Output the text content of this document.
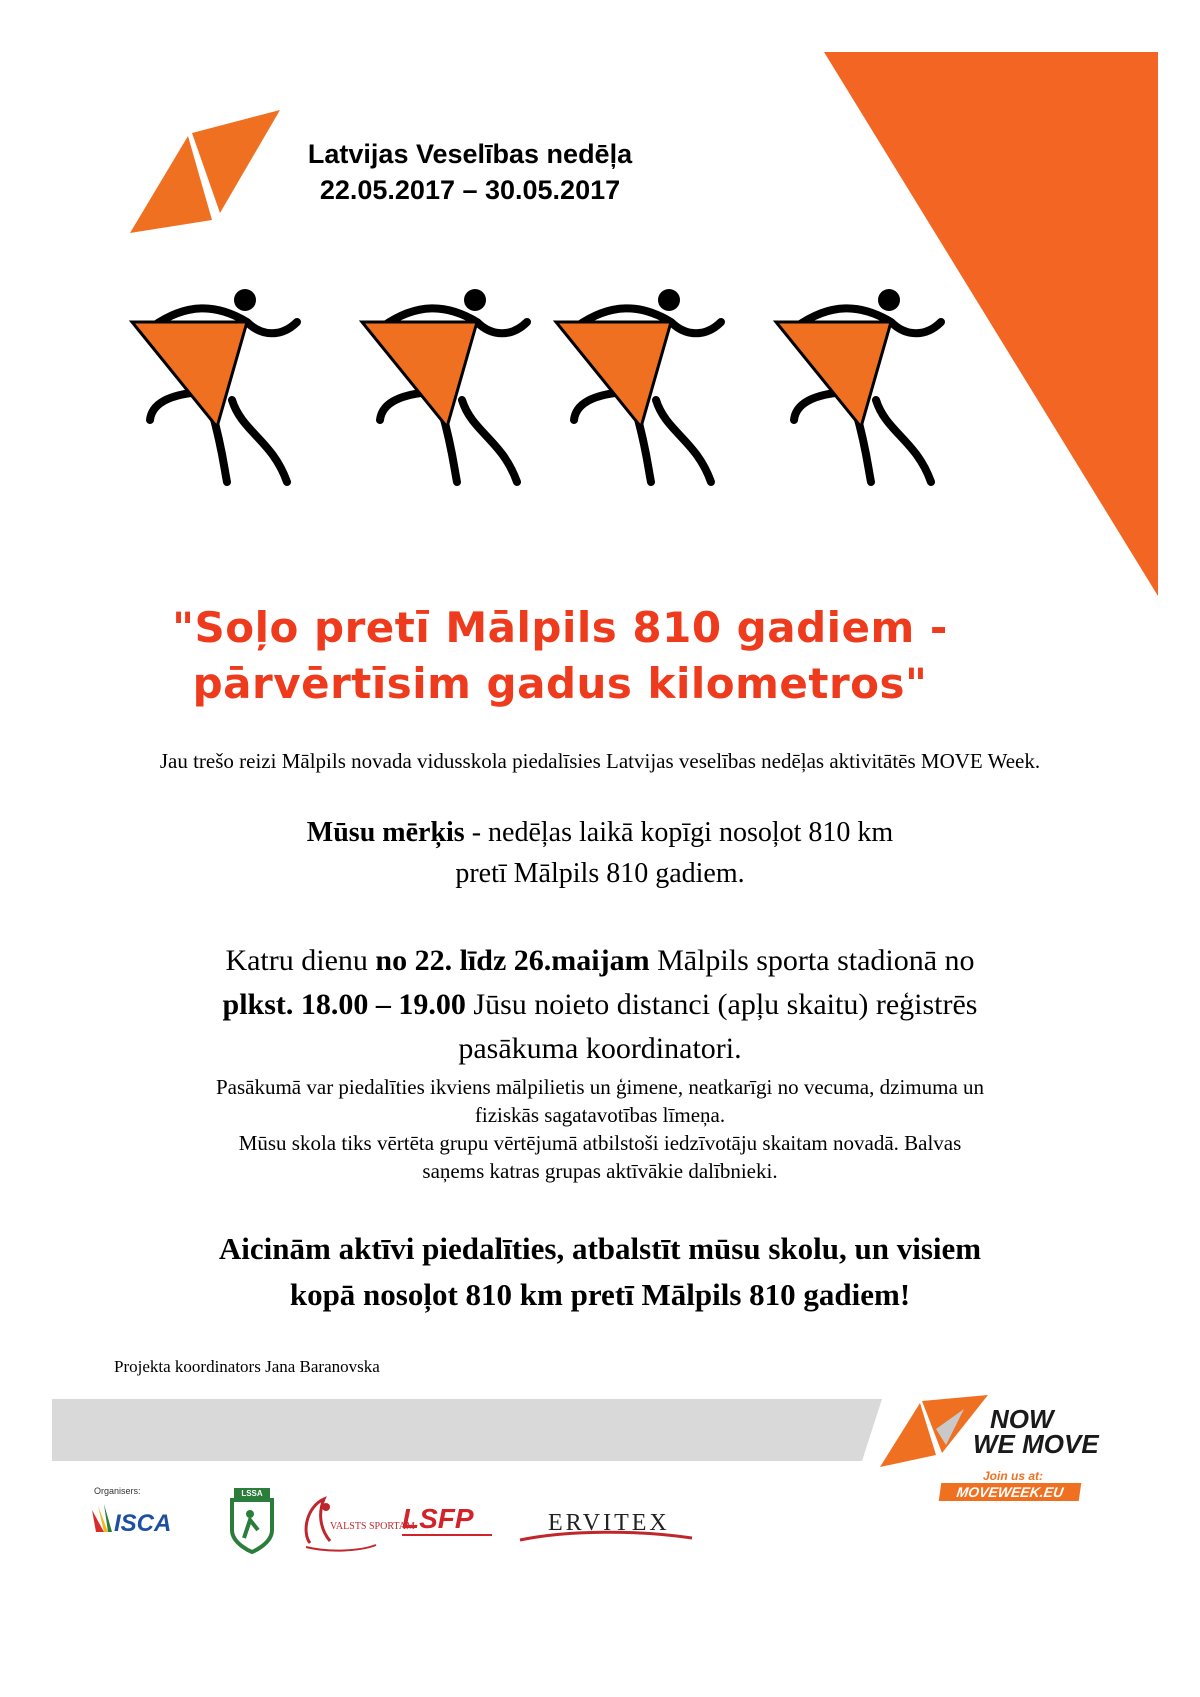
Latvijas Veselības nedēļa
22.05.2017 – 30.05.2017
"Soļo pretī Mālpils 810 gadiem -
pārvērtīsim gadus kilometros"
Jau trešo reizi Mālpils novada vidusskola piedalīsies Latvijas veselības nedēļas aktivitātēs MOVE Week.
Mūsu mērķis - nedēļas laikā kopīgi nosoļot 810 km
pretī Mālpils 810 gadiem.
Katru dienu no 22. līdz 26.maijam Mālpils sporta stadionā no
plkst. 18.00 – 19.00 Jūsu noieto distanci (apļu skaitu) reģistrēs
pasākuma koordinatori.
Pasākumā var piedalīties ikviens mālpilietis un ģimene, neatkarīgi no vecuma, dzimuma un
fiziskās sagatavotības līmeņa.
Mūsu skola tiks vērtēta grupu vērtējumā atbilstoši iedzīvotāju skaitam novadā. Balvas
saņems katras grupas aktīvākie dalībnieki.
Aicinām aktīvi piedalīties, atbalstīt mūsu skolu, un visiem
kopā nosoļot 810 km pretī Mālpils 810 gadiem!
Projekta koordinators Jana Baranovska
NOW
WE MOVE
Join us at:
MOVEWEEK.EU
Organisers:
ISCA
LSSA
VALSTS SPORTAM
LSFP	ERVITEX
